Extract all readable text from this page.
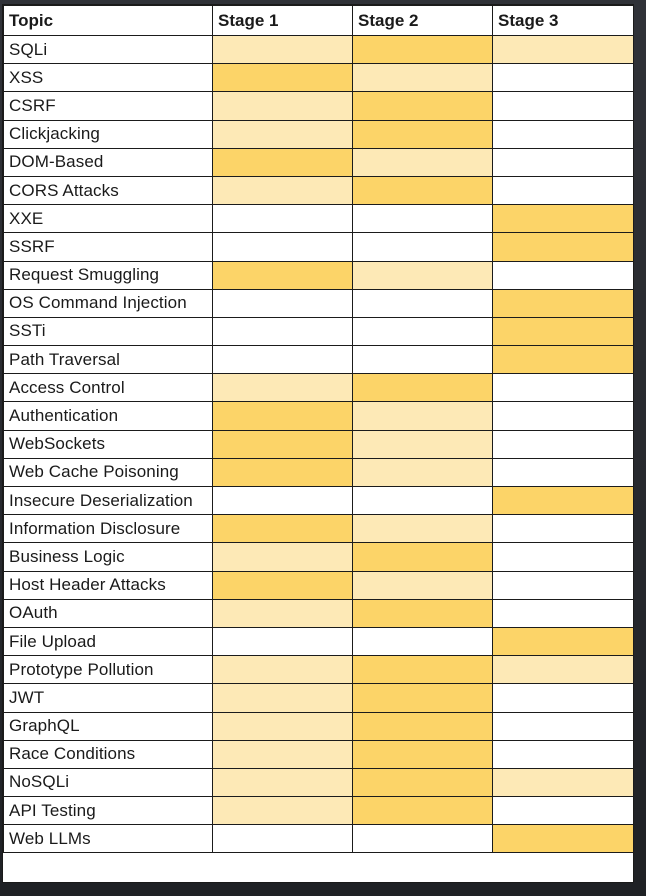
Topic	Stage 1	Stage 2	Stage 3
SQLi			
XSS			
CSRF			
Clickjacking			
DOM-Based			
CORS Attacks			
XXE			
SSRF			
Request Smuggling			
OS Command Injection			
SSTi			
Path Traversal			
Access Control			
Authentication			
WebSockets			
Web Cache Poisoning			
Insecure Deserialization			
Information Disclosure			
Business Logic			
Host Header Attacks			
OAuth			
File Upload			
Prototype Pollution			
JWT			
GraphQL			
Race Conditions			
NoSQLi			
API Testing			
Web LLMs			
